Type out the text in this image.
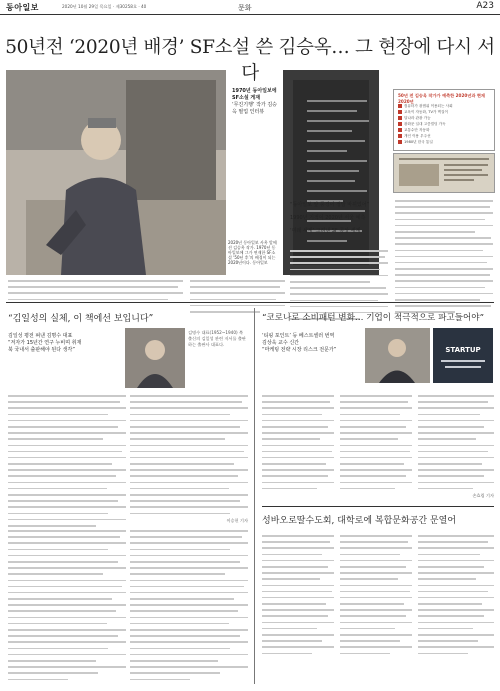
동아일보	2020년 10월 29일 목요일 · 제30258호 · 40	문화	A23
50년전 ‘2020년 배경’ SF소설 쓴 김승옥… 그 현장에 다시 서다
2020년 동아일보 사옥 앞에 선 김승옥 작가. 1970년 동아일보에 그가 연재한 SF소설 ‘50년 후’의 배경이 되는 2020년이다. 동아일보
1970년 동아일보에 SF소설 게재
‘무진기행’ 작가 김승옥 필업 인터뷰
50년 전 김승옥 작가가 예측한 2020년과 현재 2020년
컴퓨터가 광범위 이용되는 사회
교육이 자동화, TV가 벽걸이
달나라 관광 가능
광화문 일대 고층빌딩 가득
교통수단 자동화
개인 이용 우주선
1980년 한국 통일
“동아일보 앞 풍경이 정말 바뀌었어”
1990년 기적이 2020년 서울 예측
‘미래 세계’ 그려낸 SF 공상 세계
“김일성의 실체, 이 책에선 보입니다”
김일성 평전 펴낸 김명수 대표
“저자가 15년간 연구 누비며 취재
북 국내서 출판해야 된다 생각”
김명수 대표(1952~1940) 북 출신의 김일성 관련 저서를 출판하는 출판사 대표다.
이승헌 기자
“코로나로 소비패턴 변화… 기업이 적극적으로 파고들어야”
‘티핑 포인트’ 등 베스트셀러 번역
김상욱 교수 신간
“마케팅 전략 시장 리스크 전문가”	STARTUP
손효림 기자
성바오로딸수도회, 대학로에 복합문화공간 문열어
